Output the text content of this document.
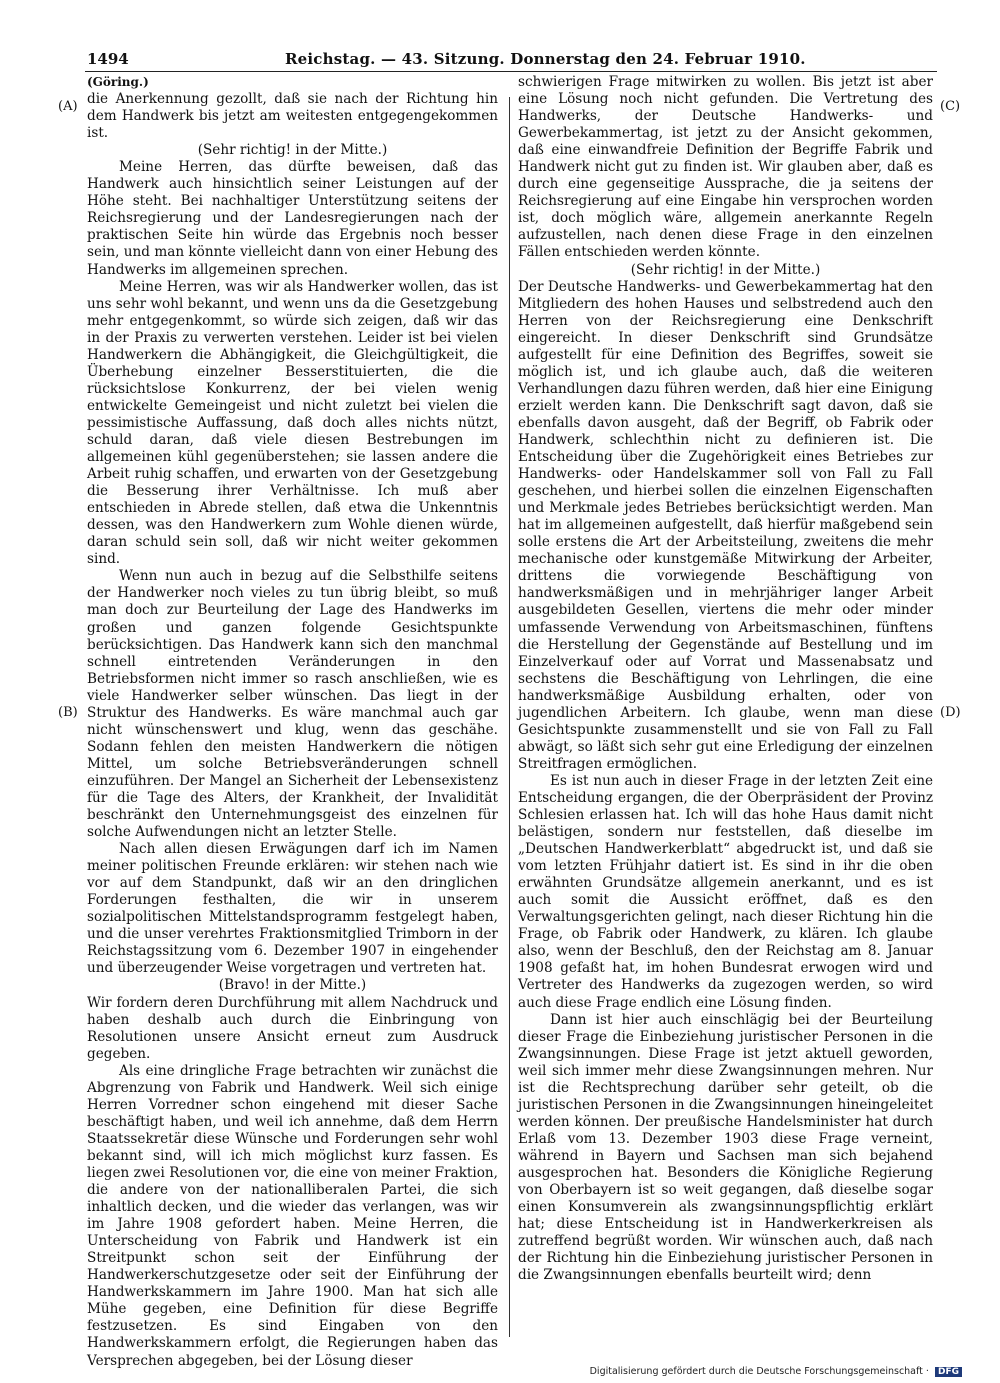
1494	Reichstag. — 43. Sitzung. Donnerstag den 24. Februar 1910.

(Göring.)

die Anerkennung gezollt, daß sie nach der Richtung hin dem Handwerk bis jetzt am weitesten entgegengekommen ist.

(Sehr richtig! in der Mitte.)

Meine Herren, das dürfte beweisen, daß das Handwerk auch hinsichtlich seiner Leistungen auf der Höhe steht. Bei nachhaltiger Unterstützung seitens der Reichsregierung und der Landesregierungen nach der praktischen Seite hin würde das Ergebnis noch besser sein, und man könnte vielleicht dann von einer Hebung des Handwerks im allgemeinen sprechen.

Meine Herren, was wir als Handwerker wollen, das ist uns sehr wohl bekannt, und wenn uns da die Gesetzgebung mehr entgegenkommt, so würde sich zeigen, daß wir das in der Praxis zu verwerten verstehen. Leider ist bei vielen Handwerkern die Abhängigkeit, die Gleichgültigkeit, die Überhebung einzelner Besserstituierten, die die rücksichtslose Konkurrenz, der bei vielen wenig entwickelte Gemeingeist und nicht zuletzt bei vielen die pessimistische Auffassung, daß doch alles nichts nützt, schuld daran, daß viele diesen Bestrebungen im allgemeinen kühl gegenüberstehen; sie lassen andere die Arbeit ruhig schaffen, und erwarten von der Gesetzgebung die Besserung ihrer Verhältnisse. Ich muß aber entschieden in Abrede stellen, daß etwa die Unkenntnis dessen, was den Handwerkern zum Wohle dienen würde, daran schuld sein soll, daß wir nicht weiter gekommen sind.

Wenn nun auch in bezug auf die Selbsthilfe seitens der Handwerker noch vieles zu tun übrig bleibt, so muß man doch zur Beurteilung der Lage des Handwerks im großen und ganzen folgende Gesichtspunkte berücksichtigen. Das Handwerk kann sich den manchmal schnell eintretenden Veränderungen in den Betriebsformen nicht immer so rasch anschließen, wie es viele Handwerker selber wünschen. Das liegt in der Struktur des Handwerks. Es wäre manchmal auch gar nicht wünschenswert und klug, wenn das geschähe. Sodann fehlen den meisten Handwerkern die nötigen Mittel, um solche Betriebsveränderungen schnell einzuführen. Der Mangel an Sicherheit der Lebensexistenz für die Tage des Alters, der Krankheit, der Invalidität beschränkt den Unternehmungsgeist des einzelnen für solche Aufwendungen nicht an letzter Stelle.

Nach allen diesen Erwägungen darf ich im Namen meiner politischen Freunde erklären: wir stehen nach wie vor auf dem Standpunkt, daß wir an den dringlichen Forderungen festhalten, die wir in unserem sozialpolitischen Mittelstandsprogramm festgelegt haben, und die unser verehrtes Fraktionsmitglied Trimborn in der Reichstagssitzung vom 6. Dezember 1907 in eingehender und überzeugender Weise vorgetragen und vertreten hat.

(Bravo! in der Mitte.)

Wir fordern deren Durchführung mit allem Nachdruck und haben deshalb auch durch die Einbringung von Resolutionen unsere Ansicht erneut zum Ausdruck gegeben.

Als eine dringliche Frage betrachten wir zunächst die Abgrenzung von Fabrik und Handwerk. Weil sich einige Herren Vorredner schon eingehend mit dieser Sache beschäftigt haben, und weil ich annehme, daß dem Herrn Staatssekretär diese Wünsche und Forderungen sehr wohl bekannt sind, will ich mich möglichst kurz fassen. Es liegen zwei Resolutionen vor, die eine von meiner Fraktion, die andere von der nationalliberalen Partei, die sich inhaltlich decken, und die wieder das verlangen, was wir im Jahre 1908 gefordert haben. Meine Herren, die Unterscheidung von Fabrik und Handwerk ist ein Streitpunkt schon seit der Einführung der Handwerkerschutzgesetze oder seit der Einführung der Handwerkskammern im Jahre 1900. Man hat sich alle Mühe gegeben, eine Definition für diese Begriffe festzusetzen. Es sind Eingaben von den Handwerkskammern erfolgt, die Regierungen haben das Versprechen abgegeben, bei der Lösung dieser

schwierigen Frage mitwirken zu wollen. Bis jetzt ist aber eine Lösung noch nicht gefunden. Die Vertretung des Handwerks, der Deutsche Handwerks- und Gewerbekammertag, ist jetzt zu der Ansicht gekommen, daß eine einwandfreie Definition der Begriffe Fabrik und Handwerk nicht gut zu finden ist. Wir glauben aber, daß es durch eine gegenseitige Aussprache, die ja seitens der Reichsregierung auf eine Eingabe hin versprochen worden ist, doch möglich wäre, allgemein anerkannte Regeln aufzustellen, nach denen diese Frage in den einzelnen Fällen entschieden werden könnte.

(Sehr richtig! in der Mitte.)

Der Deutsche Handwerks- und Gewerbekammertag hat den Mitgliedern des hohen Hauses und selbstredend auch den Herren von der Reichsregierung eine Denkschrift eingereicht. In dieser Denkschrift sind Grundsätze aufgestellt für eine Definition des Begriffes, soweit sie möglich ist, und ich glaube auch, daß die weiteren Verhandlungen dazu führen werden, daß hier eine Einigung erzielt werden kann. Die Denkschrift sagt davon, daß sie ebenfalls davon ausgeht, daß der Begriff, ob Fabrik oder Handwerk, schlechthin nicht zu definieren ist. Die Entscheidung über die Zugehörigkeit eines Betriebes zur Handwerks- oder Handelskammer soll von Fall zu Fall geschehen, und hierbei sollen die einzelnen Eigenschaften und Merkmale jedes Betriebes berücksichtigt werden. Man hat im allgemeinen aufgestellt, daß hierfür maßgebend sein solle erstens die Art der Arbeitsteilung, zweitens die mehr mechanische oder kunstgemäße Mitwirkung der Arbeiter, drittens die vorwiegende Beschäftigung von handwerksmäßigen und in mehrjähriger langer Arbeit ausgebildeten Gesellen, viertens die mehr oder minder umfassende Verwendung von Arbeitsmaschinen, fünftens die Herstellung der Gegenstände auf Bestellung und im Einzelverkauf oder auf Vorrat und Massenabsatz und sechstens die Beschäftigung von Lehrlingen, die eine handwerksmäßige Ausbildung erhalten, oder von jugendlichen Arbeitern. Ich glaube, wenn man diese Gesichtspunkte zusammenstellt und sie von Fall zu Fall abwägt, so läßt sich sehr gut eine Erledigung der einzelnen Streitfragen ermöglichen.

Es ist nun auch in dieser Frage in der letzten Zeit eine Entscheidung ergangen, die der Oberpräsident der Provinz Schlesien erlassen hat. Ich will das hohe Haus damit nicht belästigen, sondern nur feststellen, daß dieselbe im „Deutschen Handwerkerblatt“ abgedruckt ist, und daß sie vom letzten Frühjahr datiert ist. Es sind in ihr die oben erwähnten Grundsätze allgemein anerkannt, und es ist auch somit die Aussicht eröffnet, daß es den Verwaltungsgerichten gelingt, nach dieser Richtung hin die Frage, ob Fabrik oder Handwerk, zu klären. Ich glaube also, wenn der Beschluß, den der Reichstag am 8. Januar 1908 gefaßt hat, im hohen Bundesrat erwogen wird und Vertreter des Handwerks da zugezogen werden, so wird auch diese Frage endlich eine Lösung finden.

Dann ist hier auch einschlägig bei der Beurteilung dieser Frage die Einbeziehung juristischer Personen in die Zwangsinnungen. Diese Frage ist jetzt aktuell geworden, weil sich immer mehr diese Zwangsinnungen mehren. Nur ist die Rechtsprechung darüber sehr geteilt, ob die juristischen Personen in die Zwangsinnungen hineingeleitet werden können. Der preußische Handelsminister hat durch Erlaß vom 13. Dezember 1903 diese Frage verneint, während in Bayern und Sachsen man sich bejahend ausgesprochen hat. Besonders die Königliche Regierung von Oberbayern ist so weit gegangen, daß dieselbe sogar einen Konsumverein als zwangsinnungspflichtig erklärt hat; diese Entscheidung ist in Handwerkerkreisen als zutreffend begrüßt worden. Wir wünschen auch, daß nach der Richtung hin die Einbeziehung juristischer Personen in die Zwangsinnungen ebenfalls beurteilt wird; denn

(A)
(B)
(C)
(D)
Digitalisierung gefördert durch die Deutsche Forschungsgemeinschaft · DFG
